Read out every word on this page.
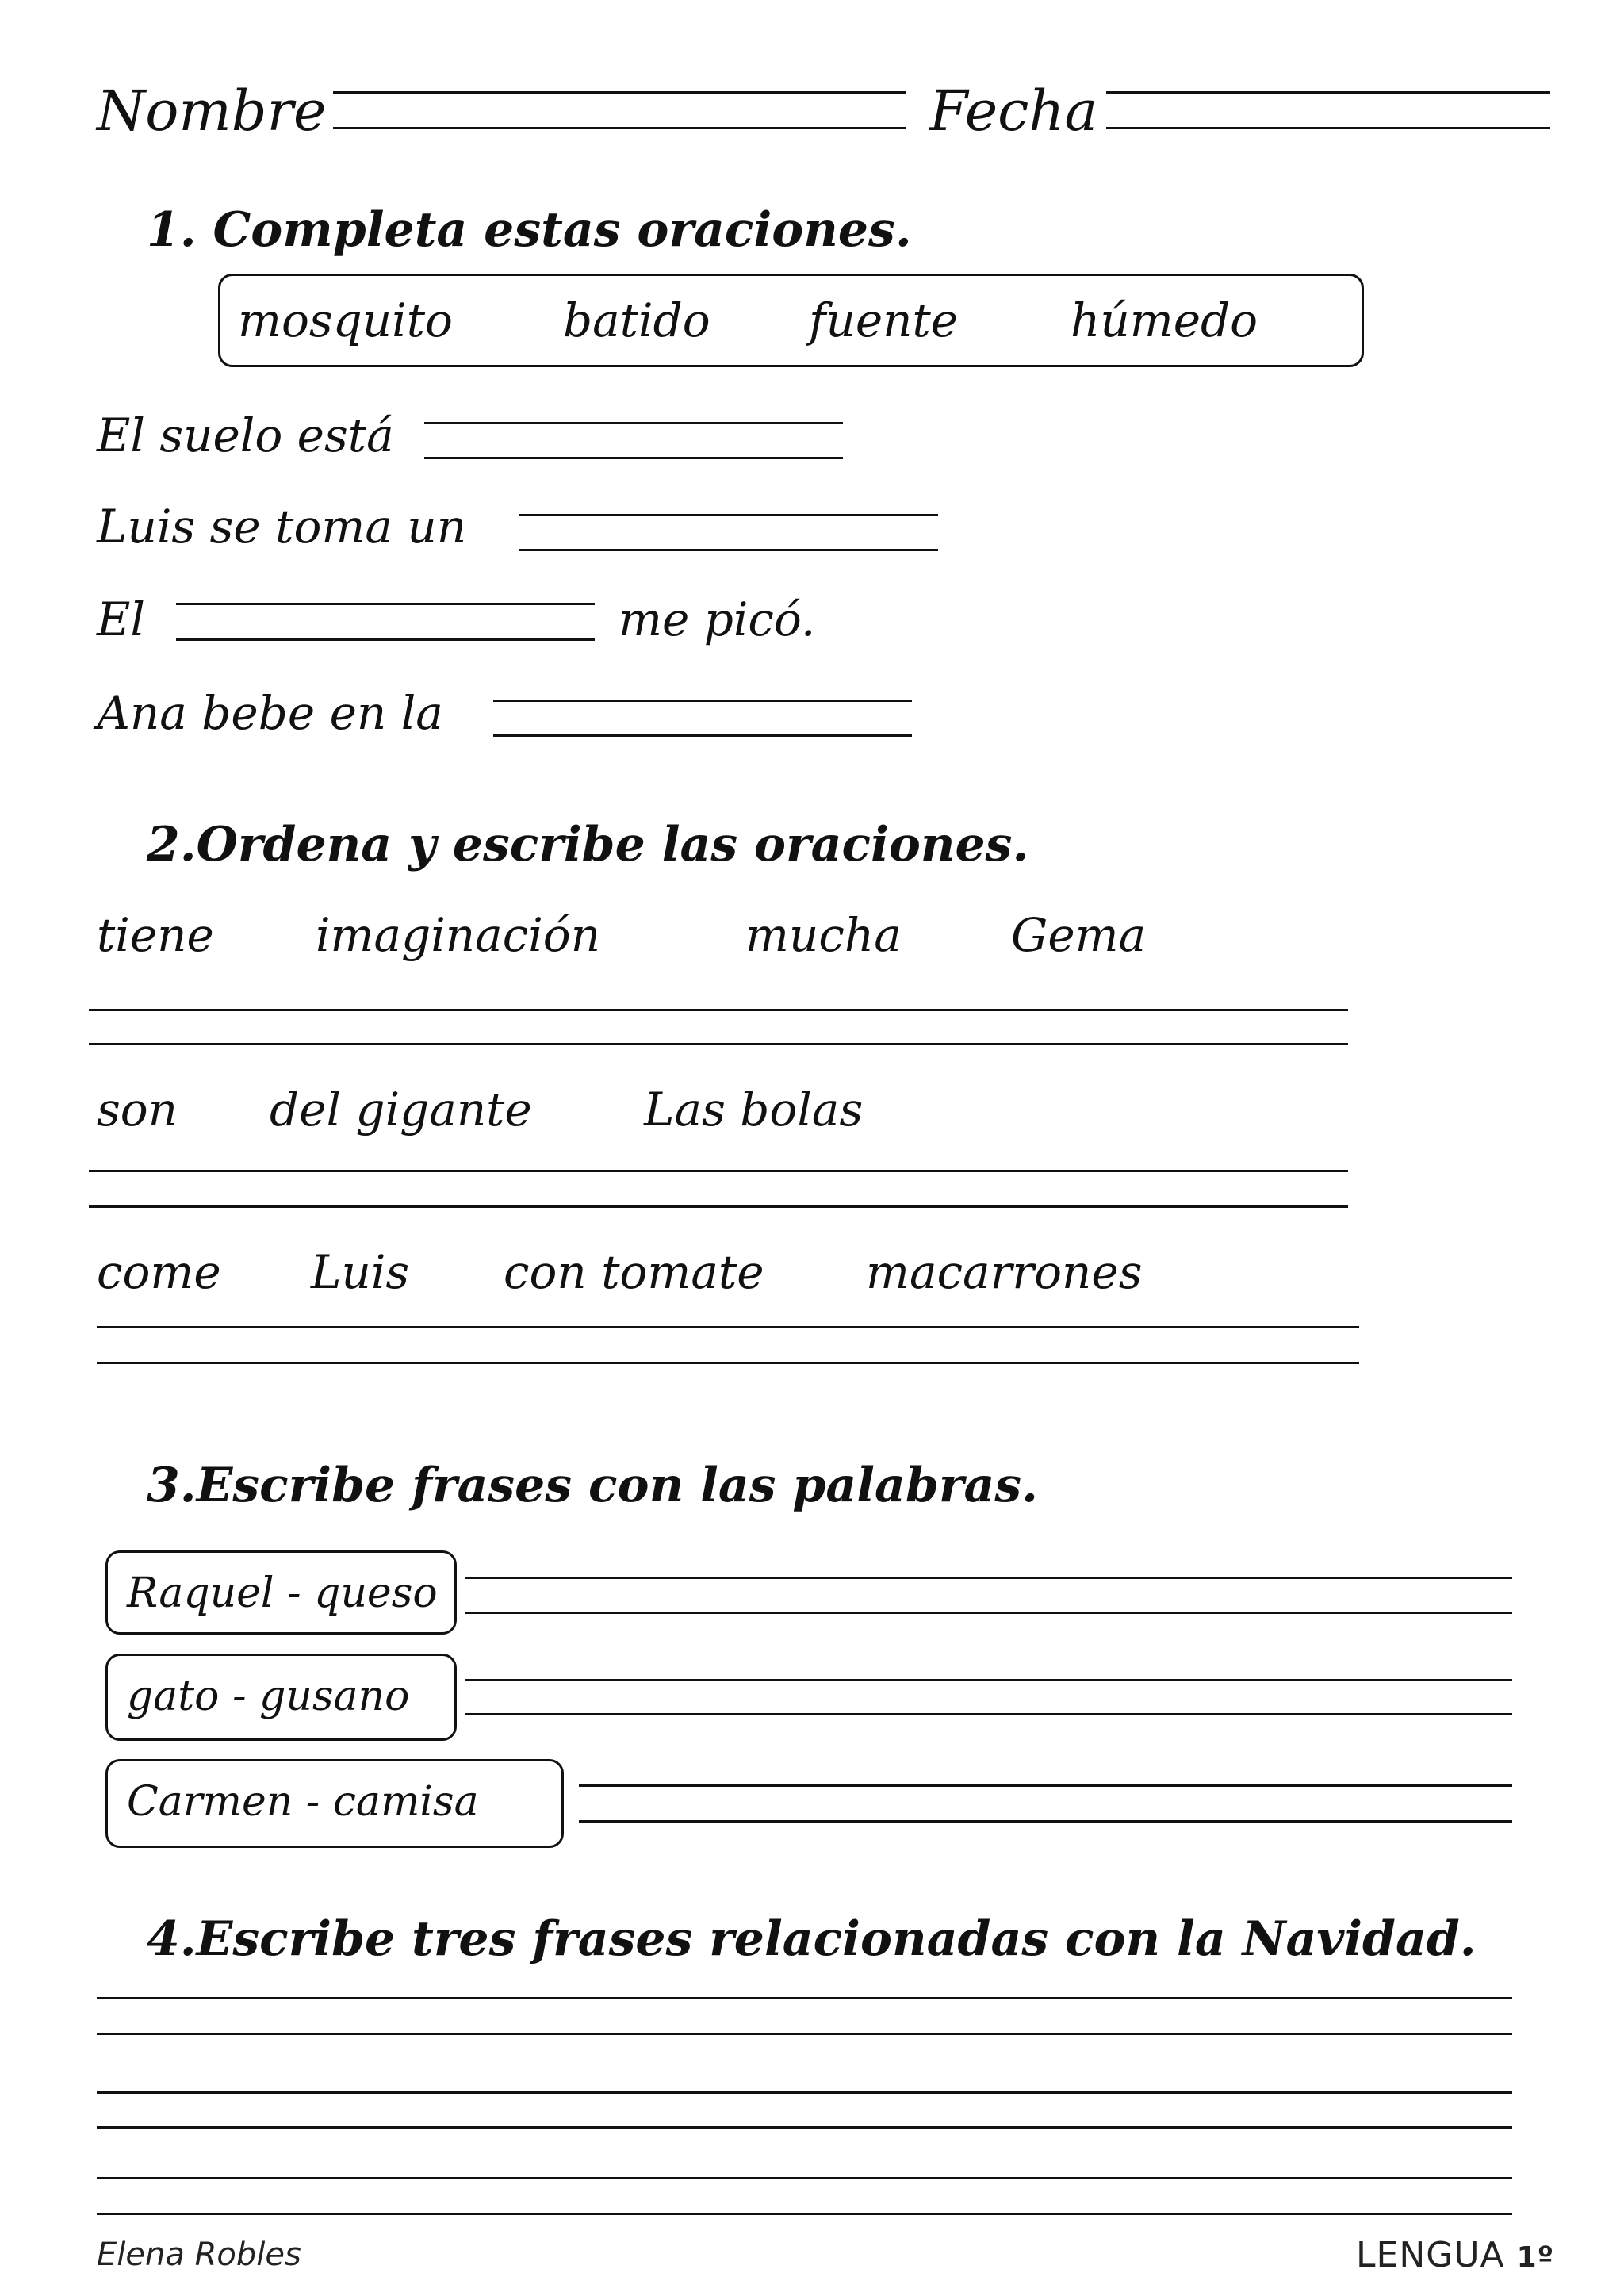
Nombre	Fecha
1. Completa estas oraciones.
mosquito batido fuente húmedo
El suelo está
Luis se toma un
El	me picó.
Ana bebe en la
2.Ordena y escribe las oraciones.
tiene imaginación	mucha Gema
son del gigante Las bolas
come Luis con tomate macarrones
3.Escribe frases con las palabras.
Raquel - queso
gato - gusano
Carmen - camisa
4.Escribe tres frases relacionadas con la Navidad.
Elena Robles	LENGUA 1º
